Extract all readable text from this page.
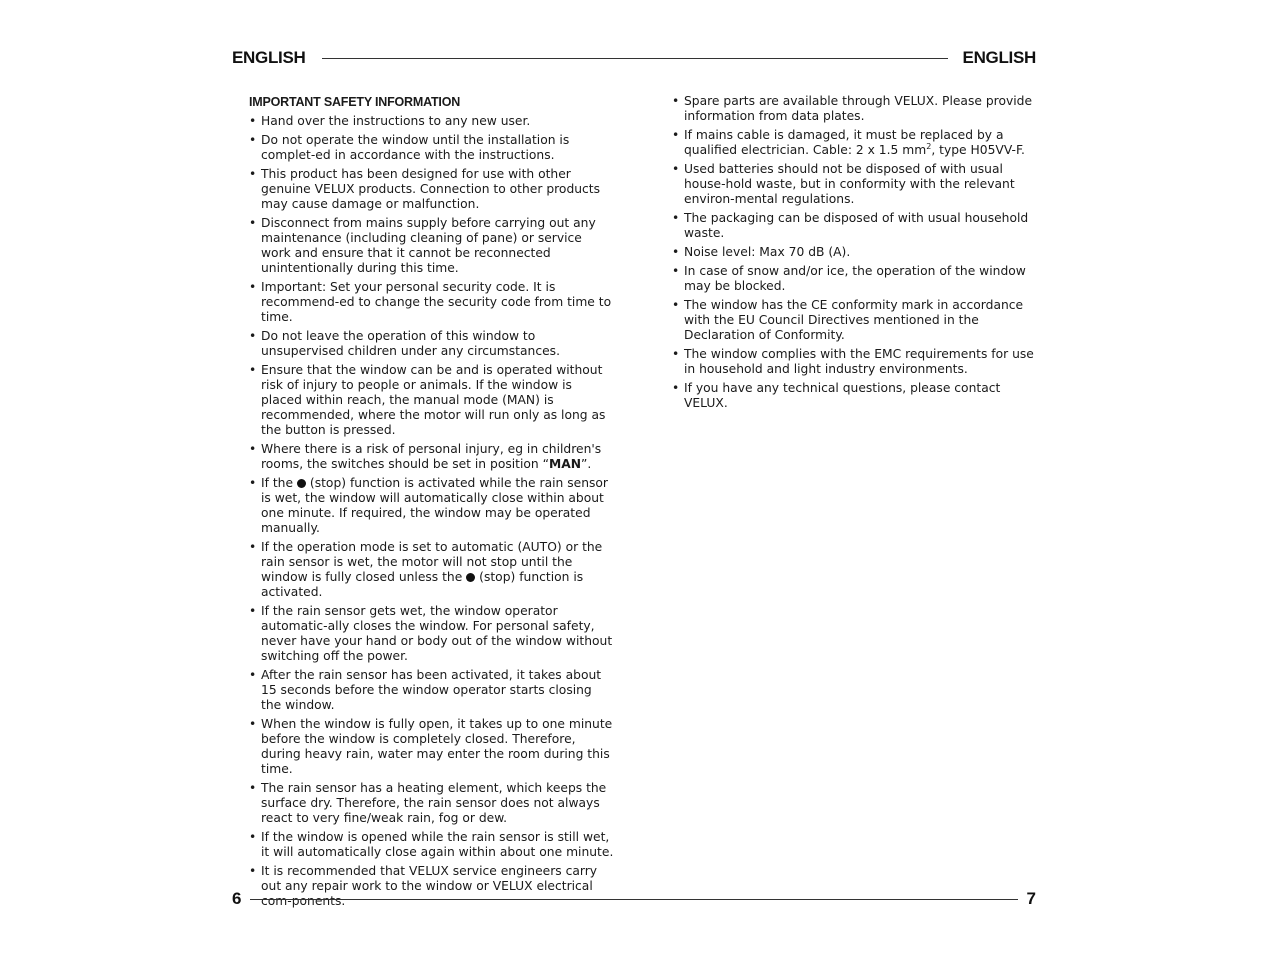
ENGLISH	ENGLISH
IMPORTANT SAFETY INFORMATION
• Hand over the instructions to any new user.
• Do not operate the window until the installation is complet-ed in accordance with the instructions.
• This product has been designed for use with other genuine VELUX products. Connection to other products may cause damage or malfunction.
• Disconnect from mains supply before carrying out any maintenance (including cleaning of pane) or service work and ensure that it cannot be reconnected unintentionally during this time.
• Important: Set your personal security code. It is recommend-ed to change the security code from time to time.
• Do not leave the operation of this window to unsupervised children under any circumstances.
• Ensure that the window can be and is operated without risk of injury to people or animals. If the window is placed within reach, the manual mode (MAN) is recommended, where the motor will run only as long as the button is pressed.
• Where there is a risk of personal injury, eg in children's rooms, the switches should be set in position “MAN”.
• If the (stop) function is activated while the rain sensor is wet, the window will automatically close within about one minute. If required, the window may be operated manually.
• If the operation mode is set to automatic (AUTO) or the rain sensor is wet, the motor will not stop until the window is fully closed unless the (stop) function is activated.
• If the rain sensor gets wet, the window operator automatic-ally closes the window. For personal safety, never have your hand or body out of the window without switching off the power.
• After the rain sensor has been activated, it takes about 15 seconds before the window operator starts closing the window.
• When the window is fully open, it takes up to one minute before the window is completely closed. Therefore, during heavy rain, water may enter the room during this time.
• The rain sensor has a heating element, which keeps the surface dry. Therefore, the rain sensor does not always react to very fine/weak rain, fog or dew.
• If the window is opened while the rain sensor is still wet, it will automatically close again within about one minute.
• It is recommended that VELUX service engineers carry out any repair work to the window or VELUX electrical com-ponents.
• Spare parts are available through VELUX. Please provide information from data plates.
• If mains cable is damaged, it must be replaced by a qualified electrician. Cable: 2 x 1.5 $mm^2$, type H05VV-F.
• Used batteries should not be disposed of with usual house-hold waste, but in conformity with the relevant environ-mental regulations.
• The packaging can be disposed of with usual household waste.
• Noise level: Max 70 dB (A).
• In case of snow and/or ice, the operation of the window may be blocked.
• The window has the CE conformity mark in accordance with the EU Council Directives mentioned in the Declaration of Conformity.
• The window complies with the EMC requirements for use in household and light industry environments.
• If you have any technical questions, please contact VELUX.
6	7
